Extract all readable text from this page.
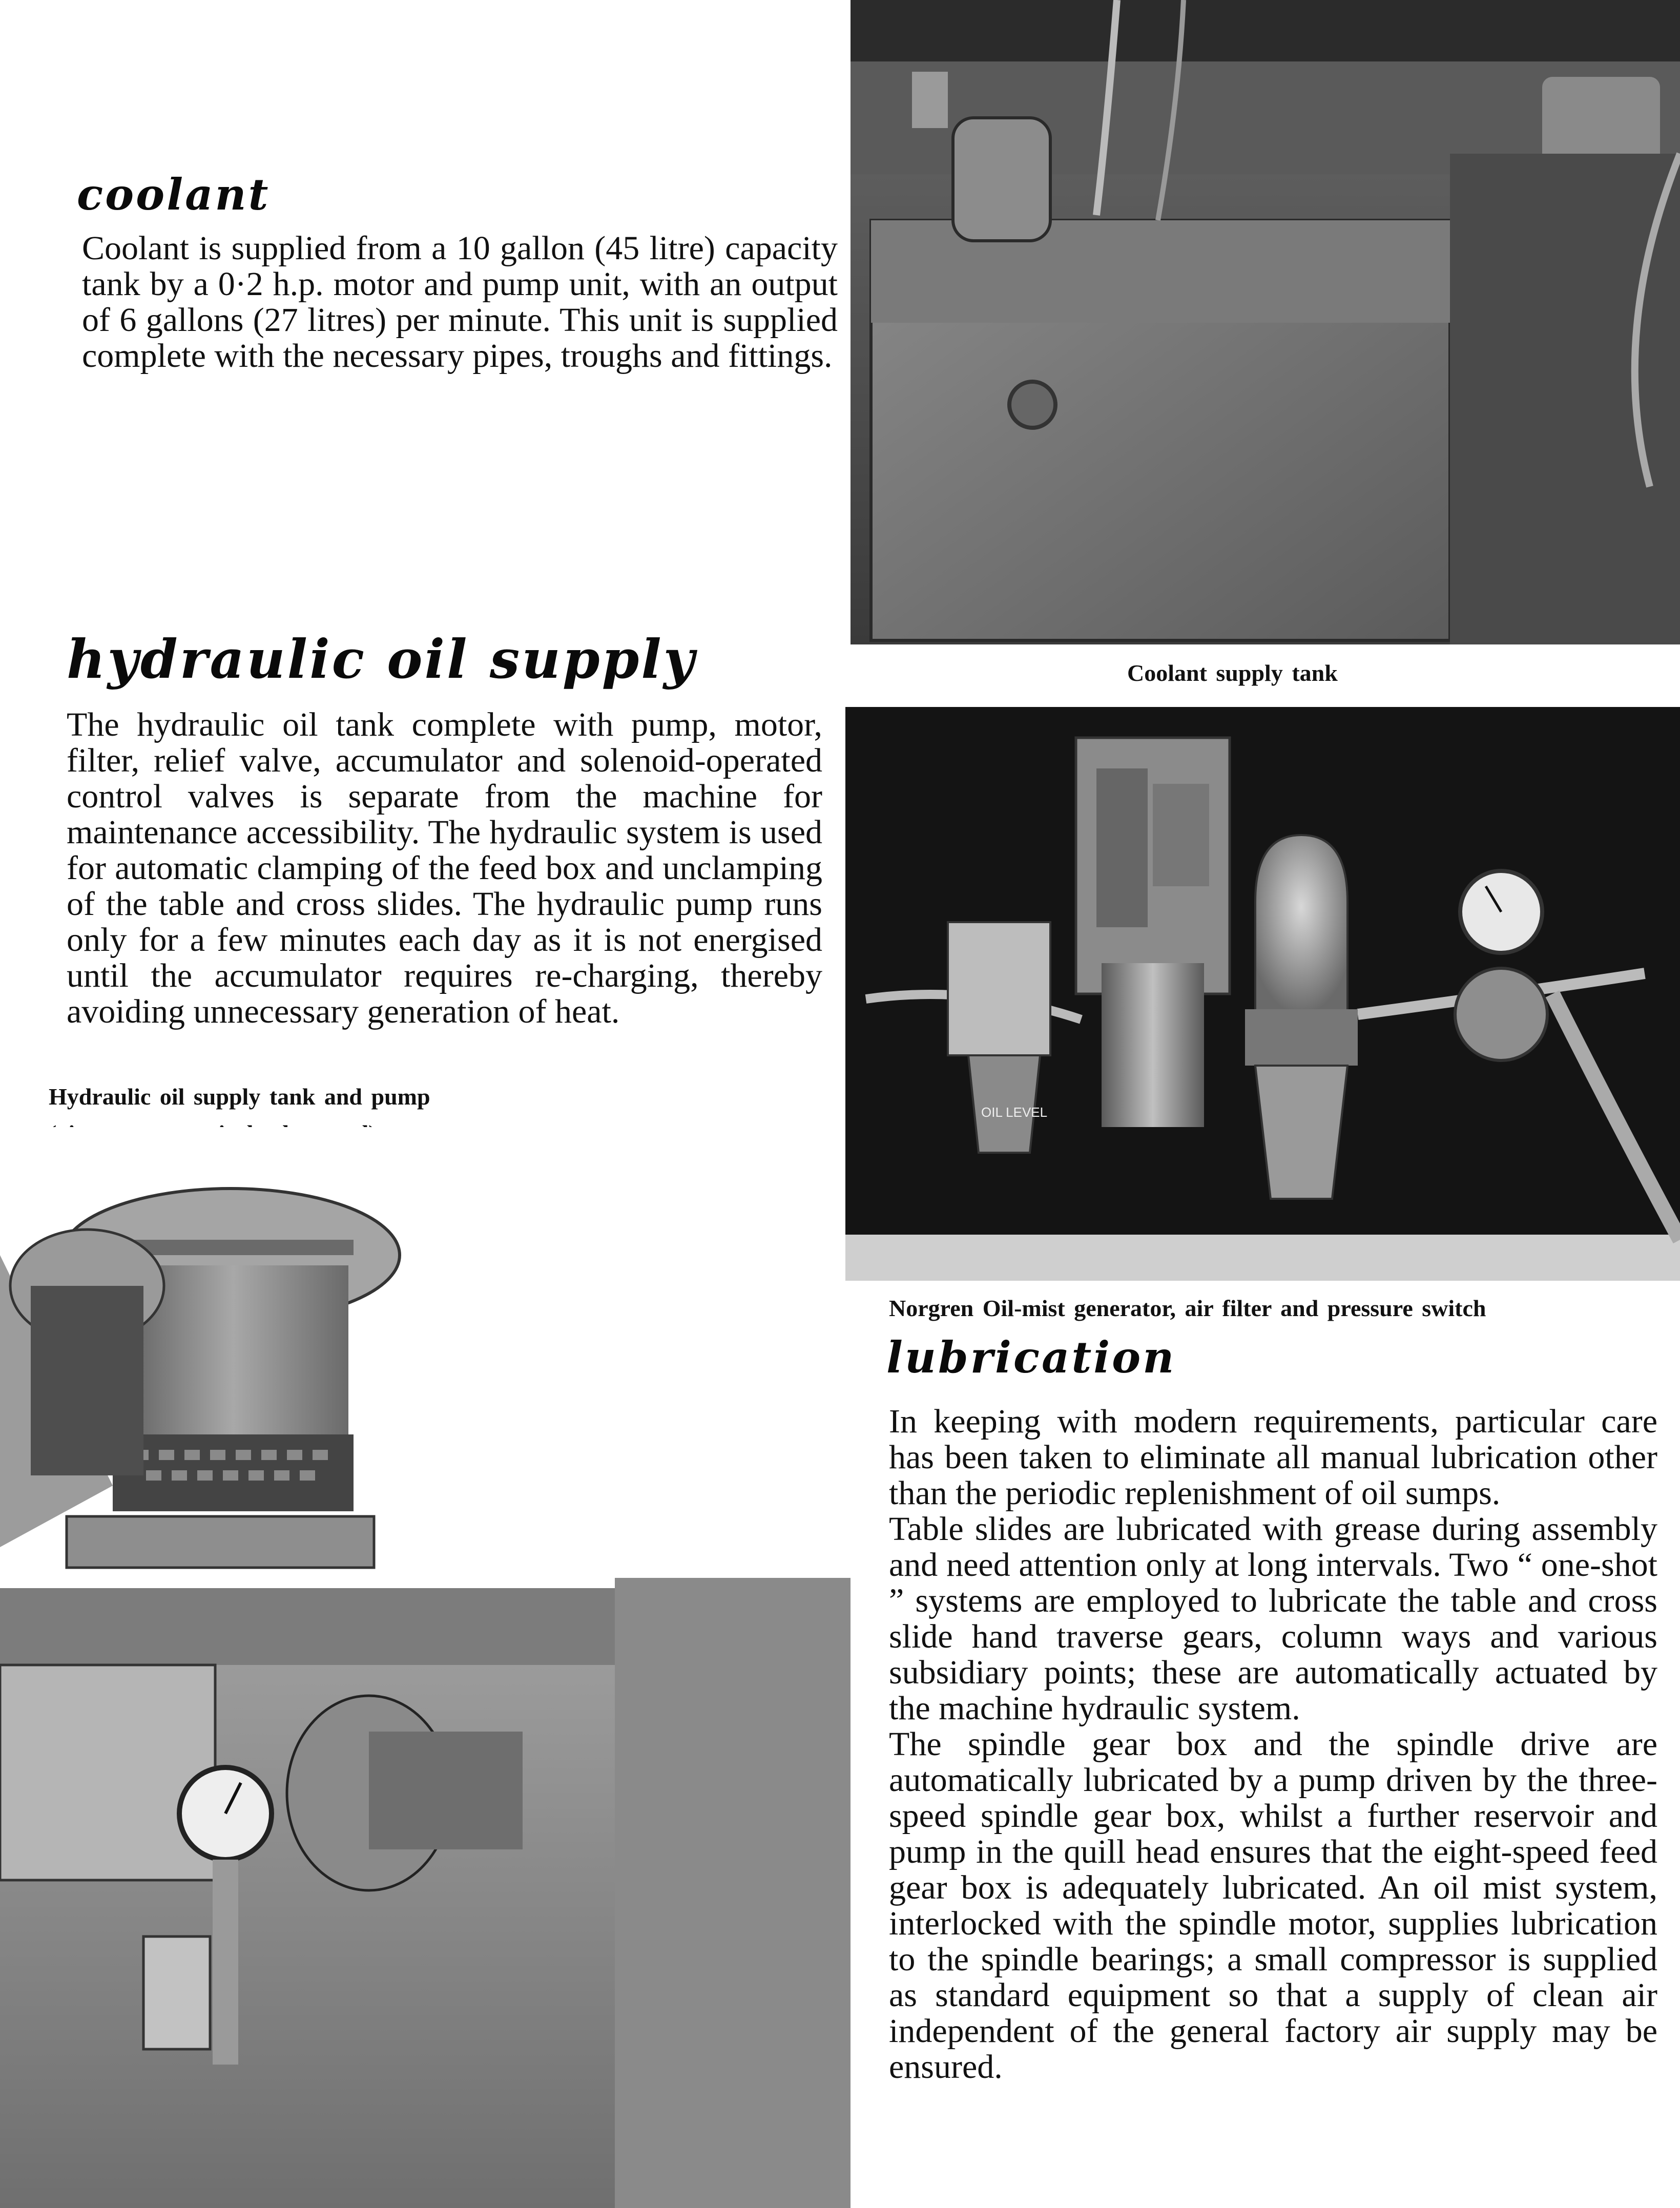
coolant

Coolant is supplied from a 10 gallon (45 litre) capacity tank by a 0·2 h.p. motor and pump unit, with an output of 6 gallons (27 litres) per minute. This unit is supplied complete with the necessary pipes, troughs and fittings.

Coolant supply tank
hydraulic oil supply

The hydraulic oil tank complete with pump, motor, filter, relief valve, accumulator and solenoid-operated control valves is separate from the machine for maintenance accessibility. The hydraulic system is used for automatic clamping of the feed box and unclamping of the table and cross slides. The hydraulic pump runs only for a few minutes each day as it is not energised until the accumulator requires re-charging, thereby avoiding unnecessary generation of heat.

Hydraulic oil supply tank and pump
OIL LEVEL
Norgren Oil-mist generator, air filter and pressure switch
lubrication

In keeping with modern requirements, particular care has been taken to eliminate all manual lubrication other than the periodic replenishment of oil sumps.

Table slides are lubricated with grease during assembly and need attention only at long intervals. Two “ one-shot ” systems are employed to lubricate the table and cross slide hand traverse gears, column ways and various subsidiary points; these are automatically actuated by the machine hydraulic system.

The spindle gear box and the spindle drive are automatically lubricated by a pump driven by the three-speed spindle gear box, whilst a further reservoir and pump in the quill head ensures that the eight-speed feed gear box is adequately lubricated. An oil mist system, interlocked with the spindle motor, supplies lubrication to the spindle bearings; a small compressor is supplied as standard equipment so that a supply of clean air independent of the general factory air supply may be ensured.
